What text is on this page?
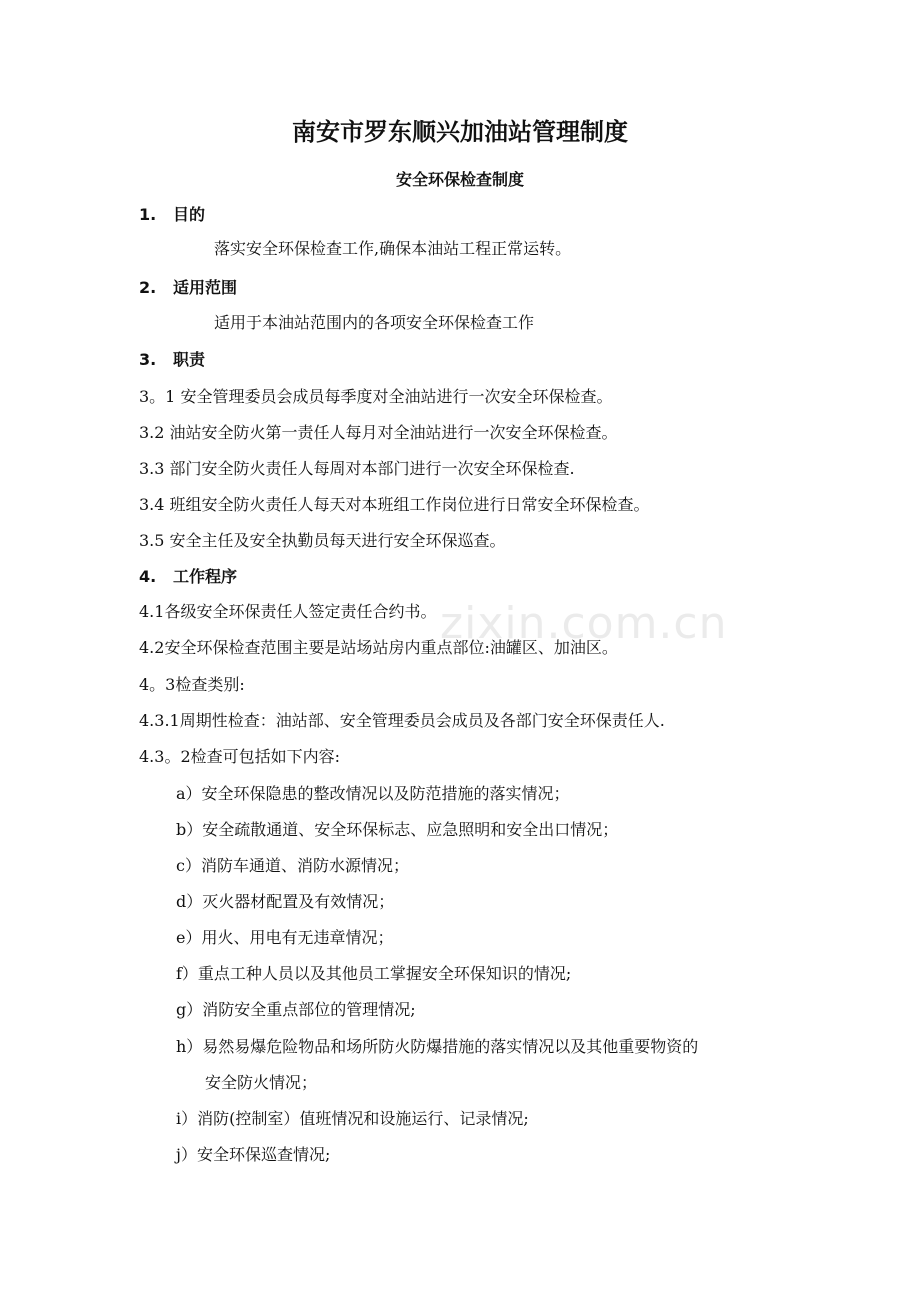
zixin.com.cn
南安市罗东顺兴加油站管理制度
安全环保检查制度
1. 目的
落实安全环保检查工作,确保本油站工程正常运转。
2. 适用范围
适用于本油站范围内的各项安全环保检查工作
3. 职责
3。1 安全管理委员会成员每季度对全油站进行一次安全环保检查。
3.2 油站安全防火第一责任人每月对全油站进行一次安全环保检查。
3.3 部门安全防火责任人每周对本部门进行一次安全环保检查.
3.4 班组安全防火责任人每天对本班组工作岗位进行日常安全环保检查。
3.5 安全主任及安全执勤员每天进行安全环保巡查。
4. 工作程序
4.1各级安全环保责任人签定责任合约书。
4.2安全环保检查范围主要是站场站房内重点部位:油罐区、加油区。
4。3检查类别:
4.3.1周期性检查：油站部、安全管理委员会成员及各部门安全环保责任人.
4.3。2检查可包括如下内容:
a）安全环保隐患的整改情况以及防范措施的落实情况；
b）安全疏散通道、安全环保标志、应急照明和安全出口情况；
c）消防车通道、消防水源情况；
d）灭火器材配置及有效情况；
e）用火、用电有无违章情况；
f）重点工种人员以及其他员工掌握安全环保知识的情况;
g）消防安全重点部位的管理情况;
h）易然易爆危险物品和场所防火防爆措施的落实情况以及其他重要物资的
安全防火情况；
i）消防(控制室）值班情况和设施运行、记录情况;
j）安全环保巡查情况;
